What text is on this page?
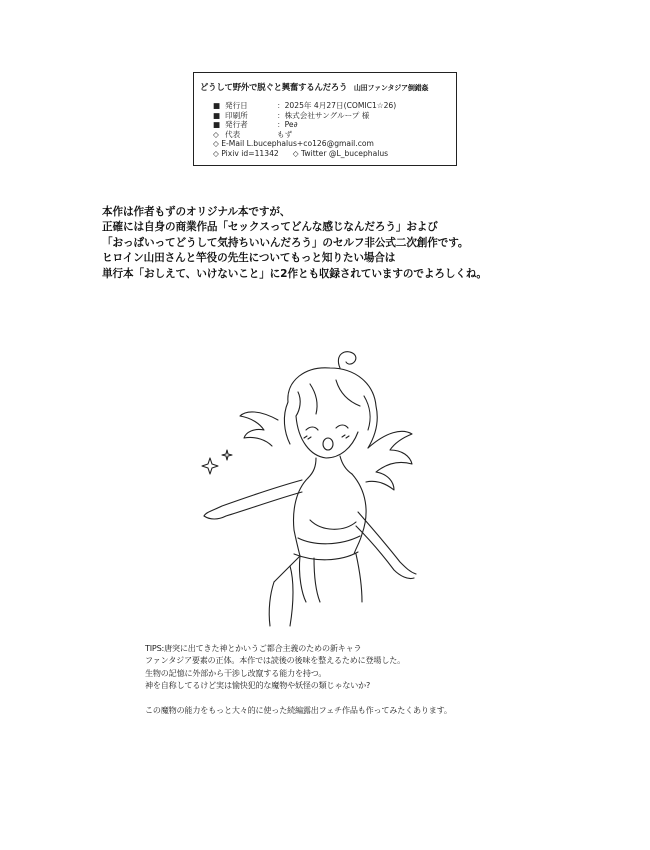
どうして野外で脱ぐと興奮するんだろう 山田ファンタジア倒錯姦
■ 発行日	：2025年 4月27日(COMIC1☆26)
■ 印刷所	：株式会社サングループ 様
■ 発行者	：Pe∂
◇ 代表	もず
◇ E-Mail L.bucephalus+co126@gmail.com
◇ Pixiv id=11342 ◇ Twitter @L_bucephalus
本作は作者もずのオリジナル本ですが、
正確には自身の商業作品「セックスってどんな感じなんだろう」および
「おっぱいってどうして気持ちいいんだろう」のセルフ非公式二次創作です。
ヒロイン山田さんと竿役の先生についてもっと知りたい場合は
単行本「おしえて、いけないこと」に2作とも収録されていますのでよろしくね。
TIPS:唐突に出てきた神とかいうご都合主義のための新キャラ
ファンタジア要素の正体。本作では読後の後味を整えるために登場した。
生物の記憶に外部から干渉し改竄する能力を持つ。
神を自称してるけど実は愉快犯的な魔物や妖怪の類じゃないか?
この魔物の能力をもっと大々的に使った続編露出フェチ作品も作ってみたくあります。
